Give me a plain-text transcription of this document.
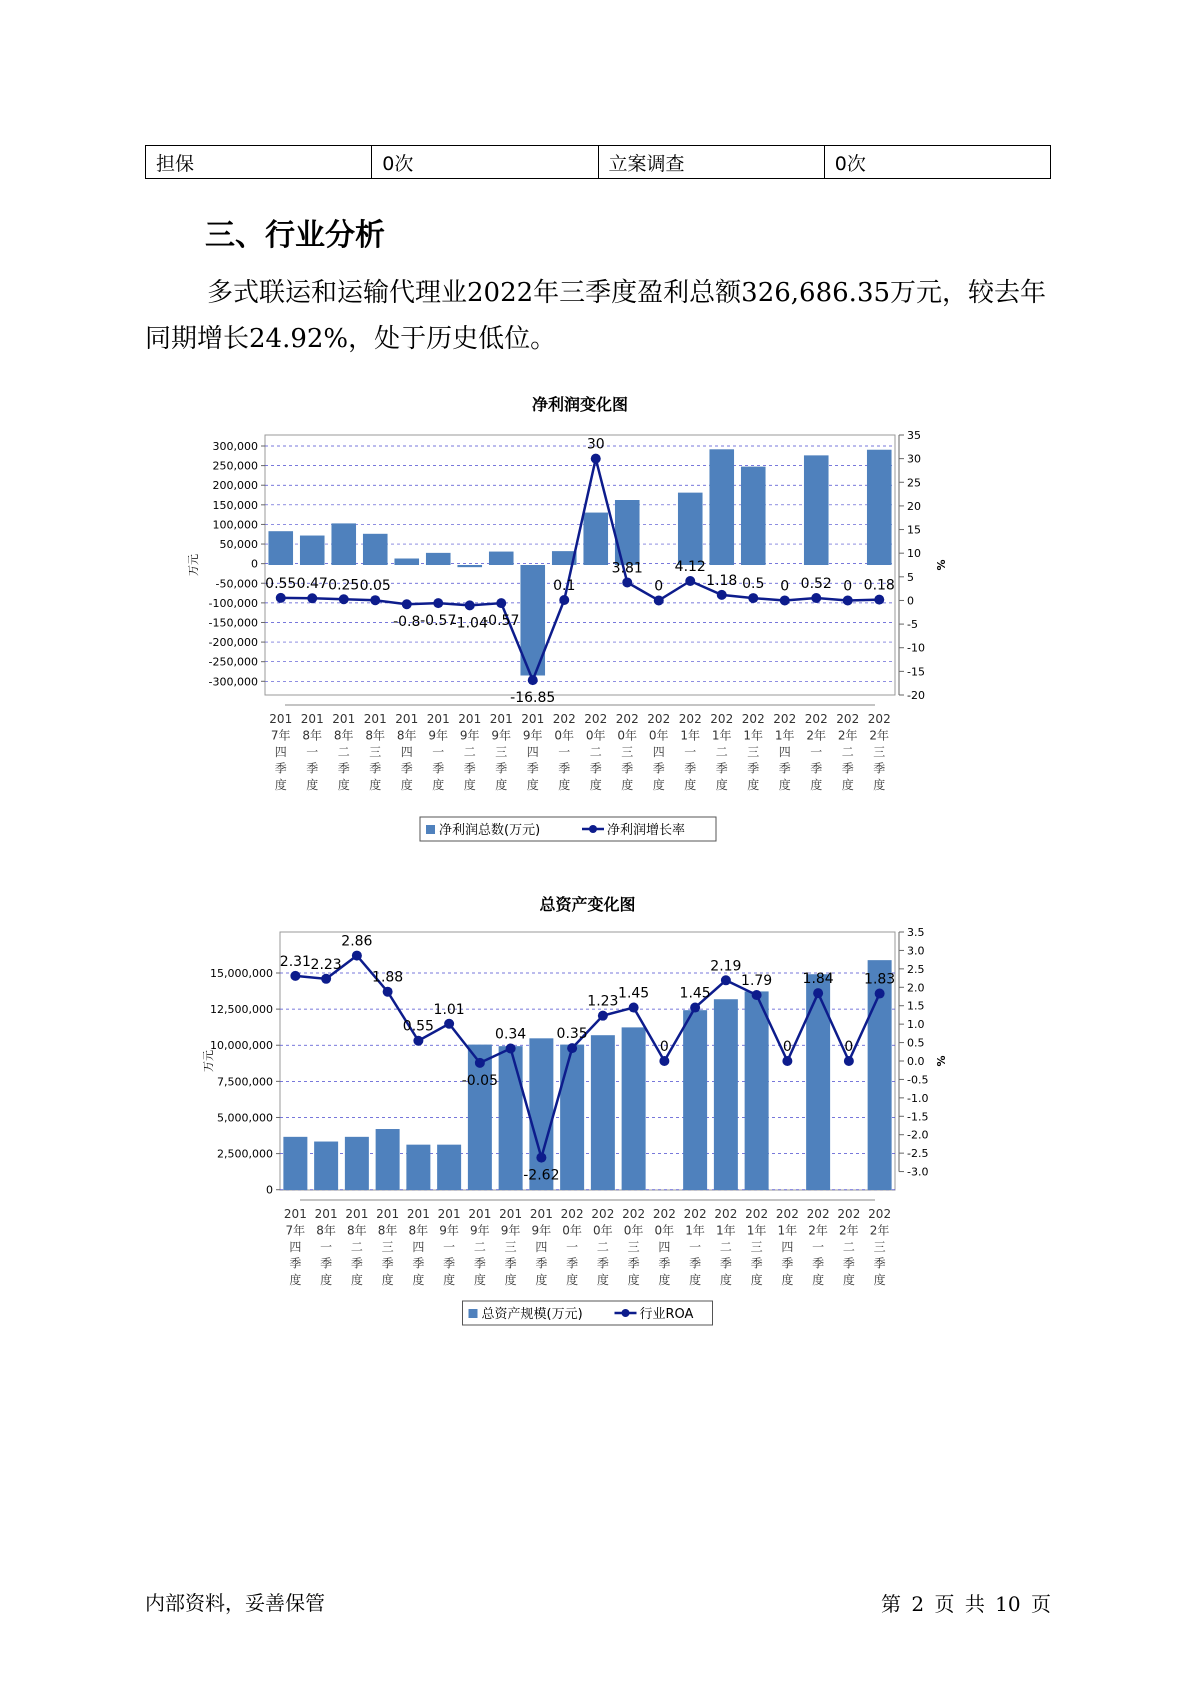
担保	0次	立案调查	0次
三、行业分析
多式联运和运输代理业2022年三季度盈利总额326,686.35万元，较去年同期增长24.92%，处于历史低位。
净利润变化图
300,000
250,000
200,000
150,000
100,000
50,000
0
-50,000
-100,000
-150,000
-200,000
-250,000
-300,000
35
30
25
20
15
10
5
0
-5
-10
-15
-20
万元	%
201 7年四季度
201 8年一季度
201 8年二季度
201 8年三季度
201 8年四季度
201 9年一季度
201 9年二季度
201 9年三季度
201 9年四季度
202 0年一季度
202 0年二季度
202 0年三季度
202 0年四季度
202 1年一季度
202 1年二季度
202 1年三季度
202 1年四季度
202 2年一季度
202 2年二季度
202 2年三季度
0.55 0.47 0.25 0.05
-0.8 -0.57
-1.04
-0.57
-16.85
0.1
30
3.81
0
4.12
1.18 0.5 0 0.52 0 0.18
净利润总数(万元)	净利润增长率
总资产变化图
15,000,000
12,500,000
10,000,000
7,500,000
5,000,000
2,500,000
0
3.5
3.0
2.5
2.0
1.5
1.0
0.5
0.0
-0.5
-1.0
-1.5
-2.0
-2.5
-3.0
万元	%
201 7年四季度
201 8年一季度
201 8年二季度
201 8年三季度
201 8年四季度
201 9年一季度
201 9年二季度
201 9年三季度
201 9年四季度
202 0年一季度
202 0年二季度
202 0年三季度
202 0年四季度
202 1年一季度
202 1年二季度
202 1年三季度
202 1年四季度
202 2年一季度
202 2年二季度
202 2年三季度
2.31 2.23
2.86
1.88
0.55
1.01
-0.05
0.34
-2.62
0.35
1.23
1.45
0
1.45
2.19
1.79
0
1.84
0
1.83
总资产规模(万元)	行业ROA
内部资料，妥善保管	第 2 页 共 10 页
